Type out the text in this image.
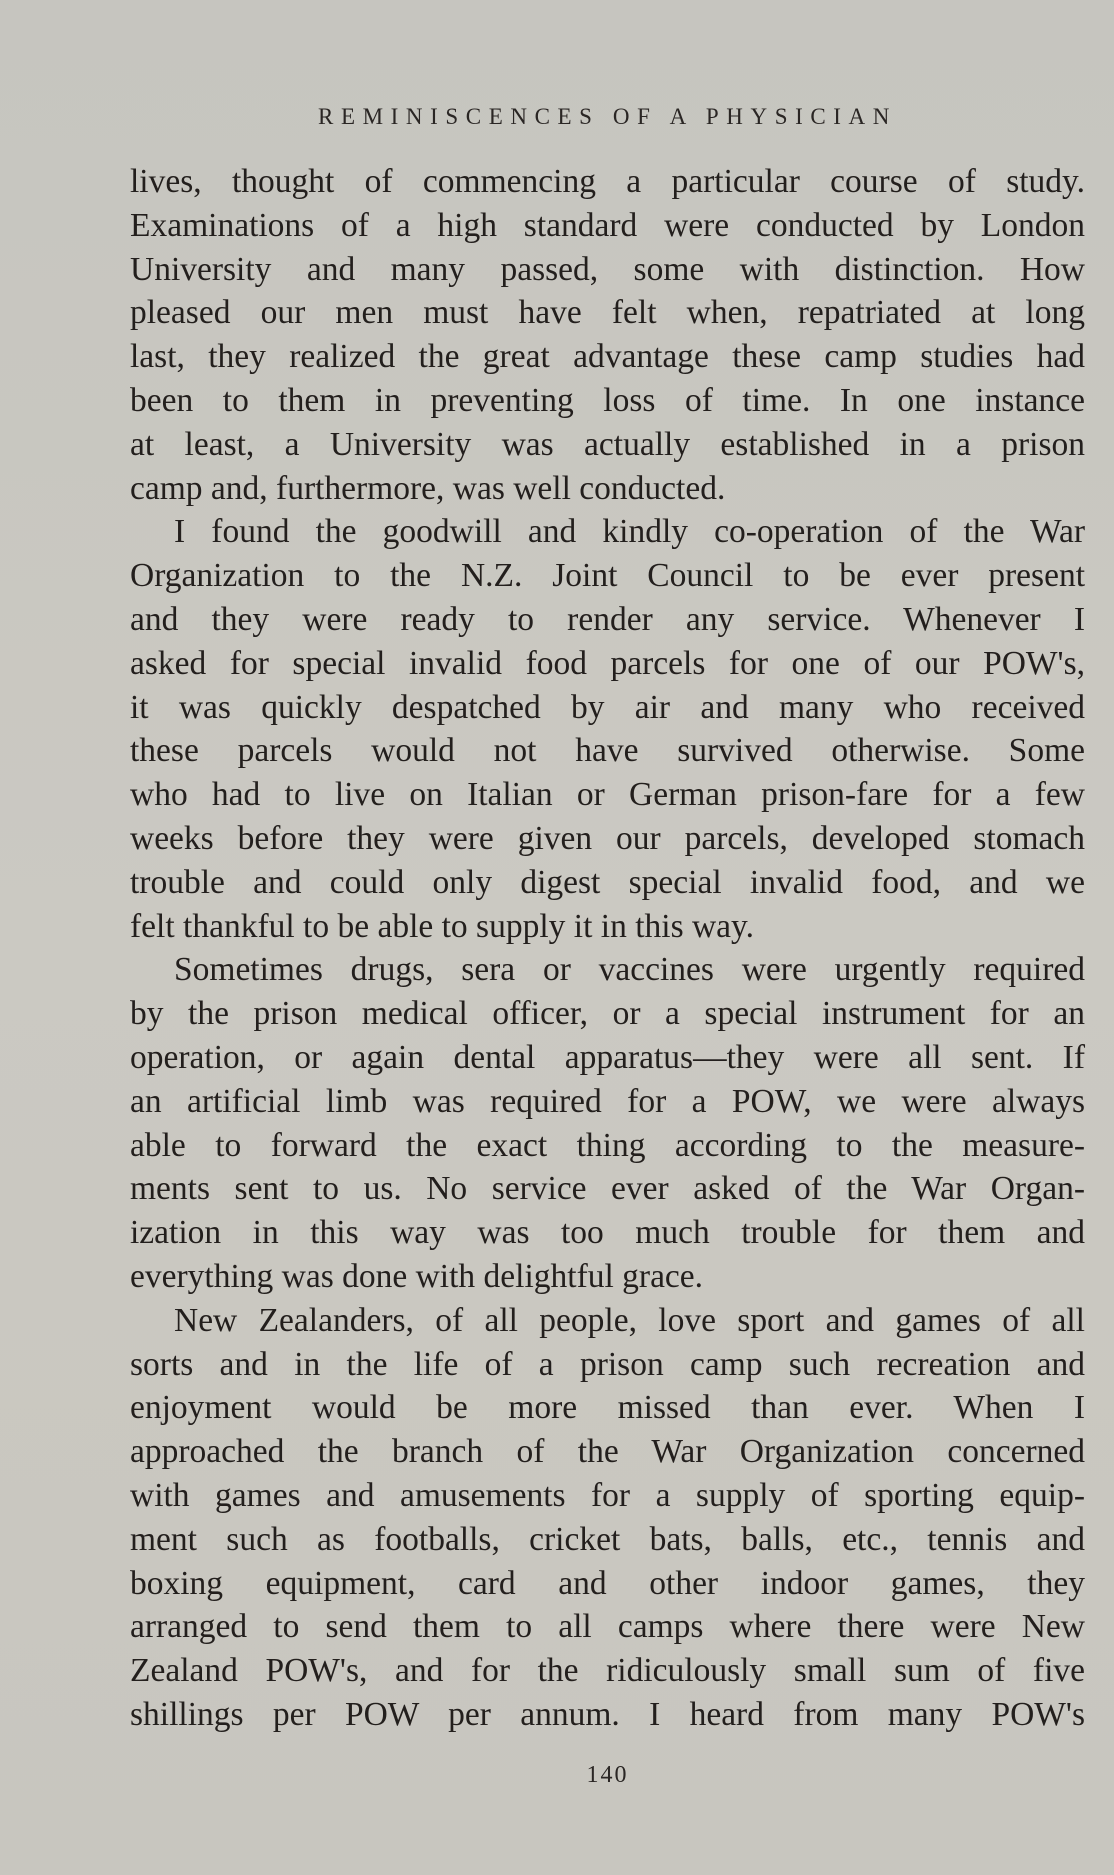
REMINISCENCES OF A PHYSICIAN
lives, thought of commencing a particular course of study.
Examinations of a high standard were conducted by London
University and many passed, some with distinction. How
pleased our men must have felt when, repatriated at long
last, they realized the great advantage these camp studies had
been to them in preventing loss of time. In one instance
at least, a University was actually established in a prison
camp and, furthermore, was well conducted.
I found the goodwill and kindly co-operation of the War
Organization to the N.Z. Joint Council to be ever present
and they were ready to render any service. Whenever I
asked for special invalid food parcels for one of our POW's,
it was quickly despatched by air and many who received
these parcels would not have survived otherwise. Some
who had to live on Italian or German prison-fare for a few
weeks before they were given our parcels, developed stomach
trouble and could only digest special invalid food, and we
felt thankful to be able to supply it in this way.
Sometimes drugs, sera or vaccines were urgently required
by the prison medical officer, or a special instrument for an
operation, or again dental apparatus—they were all sent. If
an artificial limb was required for a POW, we were always
able to forward the exact thing according to the measure-
ments sent to us. No service ever asked of the War Organ-
ization in this way was too much trouble for them and
everything was done with delightful grace.
New Zealanders, of all people, love sport and games of all
sorts and in the life of a prison camp such recreation and
enjoyment would be more missed than ever. When I
approached the branch of the War Organization concerned
with games and amusements for a supply of sporting equip-
ment such as footballs, cricket bats, balls, etc., tennis and
boxing equipment, card and other indoor games, they
arranged to send them to all camps where there were New
Zealand POW's, and for the ridiculously small sum of five
shillings per POW per annum. I heard from many POW's
140
